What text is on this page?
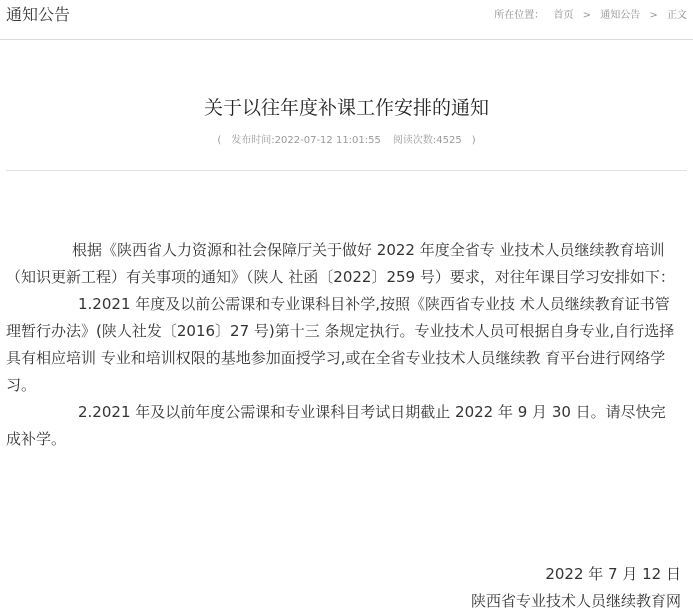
通知公告	所在位置： 首页 > 通知公告 > 正文
关于以往年度补课工作安排的通知
( 发布时间:2022-07-12 11:01:55 阅读次数:4525 )

根据《陕西省人力资源和社会保障厅关于做好 2022 年度全省专 业技术人员继续教育培训（知识更新工程）有关事项的通知》（陕人 社函〔2022〕259 号）要求，对往年课目学习安排如下：

1.2021 年度及以前公需课和专业课科目补学,按照《陕西省专业技 术人员继续教育证书管理暂行办法》(陕人社发〔2016〕27 号)第十三 条规定执行。专业技术人员可根据自身专业,自行选择具有相应培训 专业和培训权限的基地参加面授学习,或在全省专业技术人员继续教 育平台进行网络学习。

2.2021 年及以前年度公需课和专业课科目考试日期截止 2022 年 9 月 30 日。请尽快完成补学。

2022 年 7 月 12 日
陕西省专业技术人员继续教育网
